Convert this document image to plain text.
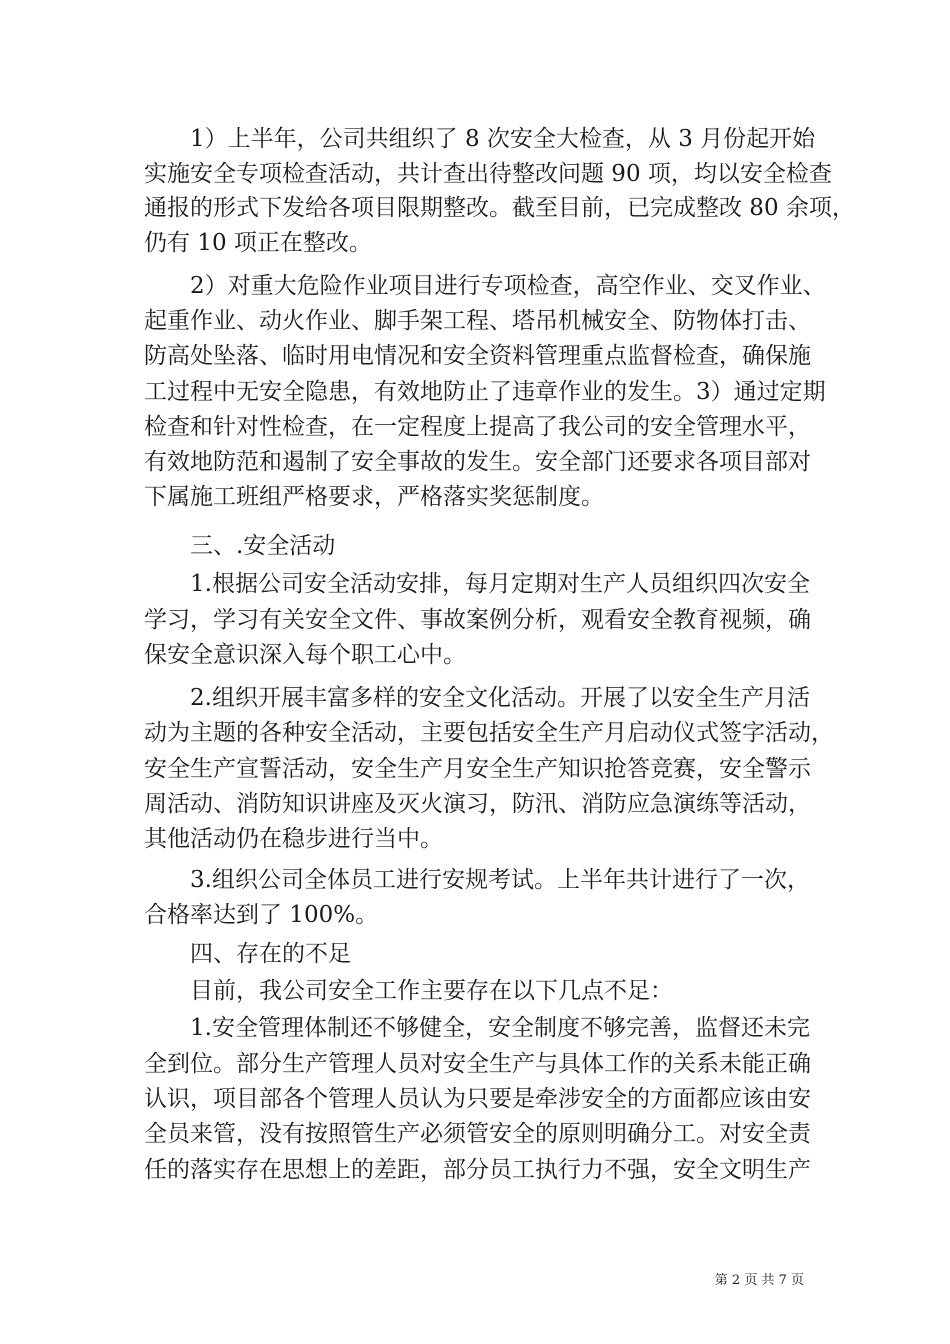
1）上半年，公司共组织了 8 次安全大检查，从 3 月份起开始
实施安全专项检查活动，共计查出待整改问题 90 项，均以安全检查
通报的形式下发给各项目限期整改。截至目前，已完成整改 80 余项，
仍有 10 项正在整改。
2）对重大危险作业项目进行专项检查，高空作业、交叉作业、
起重作业、动火作业、脚手架工程、塔吊机械安全、防物体打击、
防高处坠落、临时用电情况和安全资料管理重点监督检查，确保施
工过程中无安全隐患，有效地防止了违章作业的发生。3）通过定期
检查和针对性检查，在一定程度上提高了我公司的安全管理水平，
有效地防范和遏制了安全事故的发生。安全部门还要求各项目部对
下属施工班组严格要求，严格落实奖惩制度。
三、.安全活动
1.根据公司安全活动安排，每月定期对生产人员组织四次安全
学习，学习有关安全文件、事故案例分析，观看安全教育视频，确
保安全意识深入每个职工心中。
2.组织开展丰富多样的安全文化活动。开展了以安全生产月活
动为主题的各种安全活动，主要包括安全生产月启动仪式签字活动，
安全生产宣誓活动，安全生产月安全生产知识抢答竞赛，安全警示
周活动、消防知识讲座及灭火演习，防汛、消防应急演练等活动，
其他活动仍在稳步进行当中。
3.组织公司全体员工进行安规考试。上半年共计进行了一次，
合格率达到了 100%。
四、存在的不足
目前，我公司安全工作主要存在以下几点不足：
1.安全管理体制还不够健全，安全制度不够完善，监督还未完
全到位。部分生产管理人员对安全生产与具体工作的关系未能正确
认识，项目部各个管理人员认为只要是牵涉安全的方面都应该由安
全员来管，没有按照管生产必须管安全的原则明确分工。对安全责
任的落实存在思想上的差距，部分员工执行力不强，安全文明生产
第 2 页 共 7 页
